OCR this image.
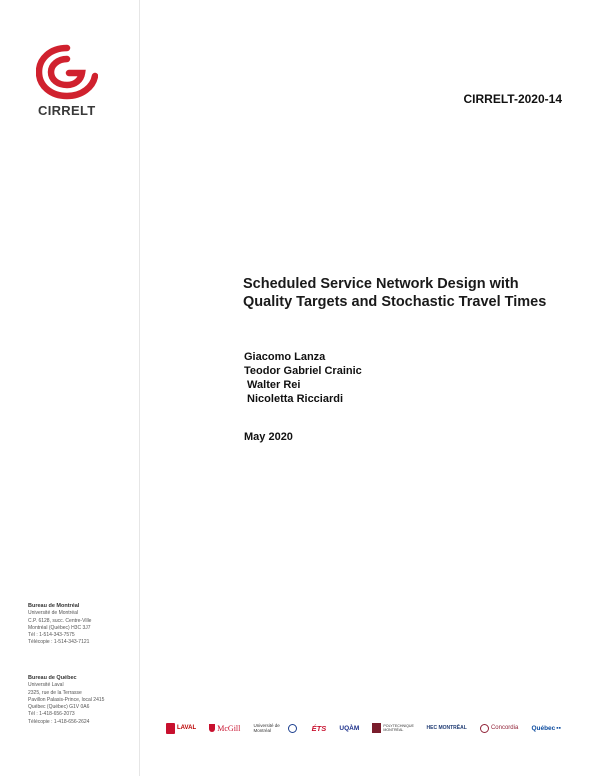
CIRRELT
CIRRELT-2020-14
Scheduled Service Network Design with Quality Targets and Stochastic Travel Times
Giacomo Lanza
Teodor Gabriel Crainic
Walter Rei
Nicoletta Ricciardi
May 2020
Bureau de Montréal
Université de Montréal
C.P. 6128, succ. Centre-Ville
Montréal (Québec) H3C 3J7
Tél : 1-514-343-7575
Télécopie : 1-514-343-7121
Bureau de Québec
Université Laval
2325, rue de la Terrasse
Pavillon Palasis-Prince, local 2415
Québec (Québec) G1V 0A6
Tél : 1-418-656-2073
Télécopie : 1-418-656-2624
LAVAL	McGill	Université de Montréal	ÉTS UQÀM	POLYTECHNIQUE MONTRÉAL	HEC MONTRĒAL	Concordia Québec ▪▪
